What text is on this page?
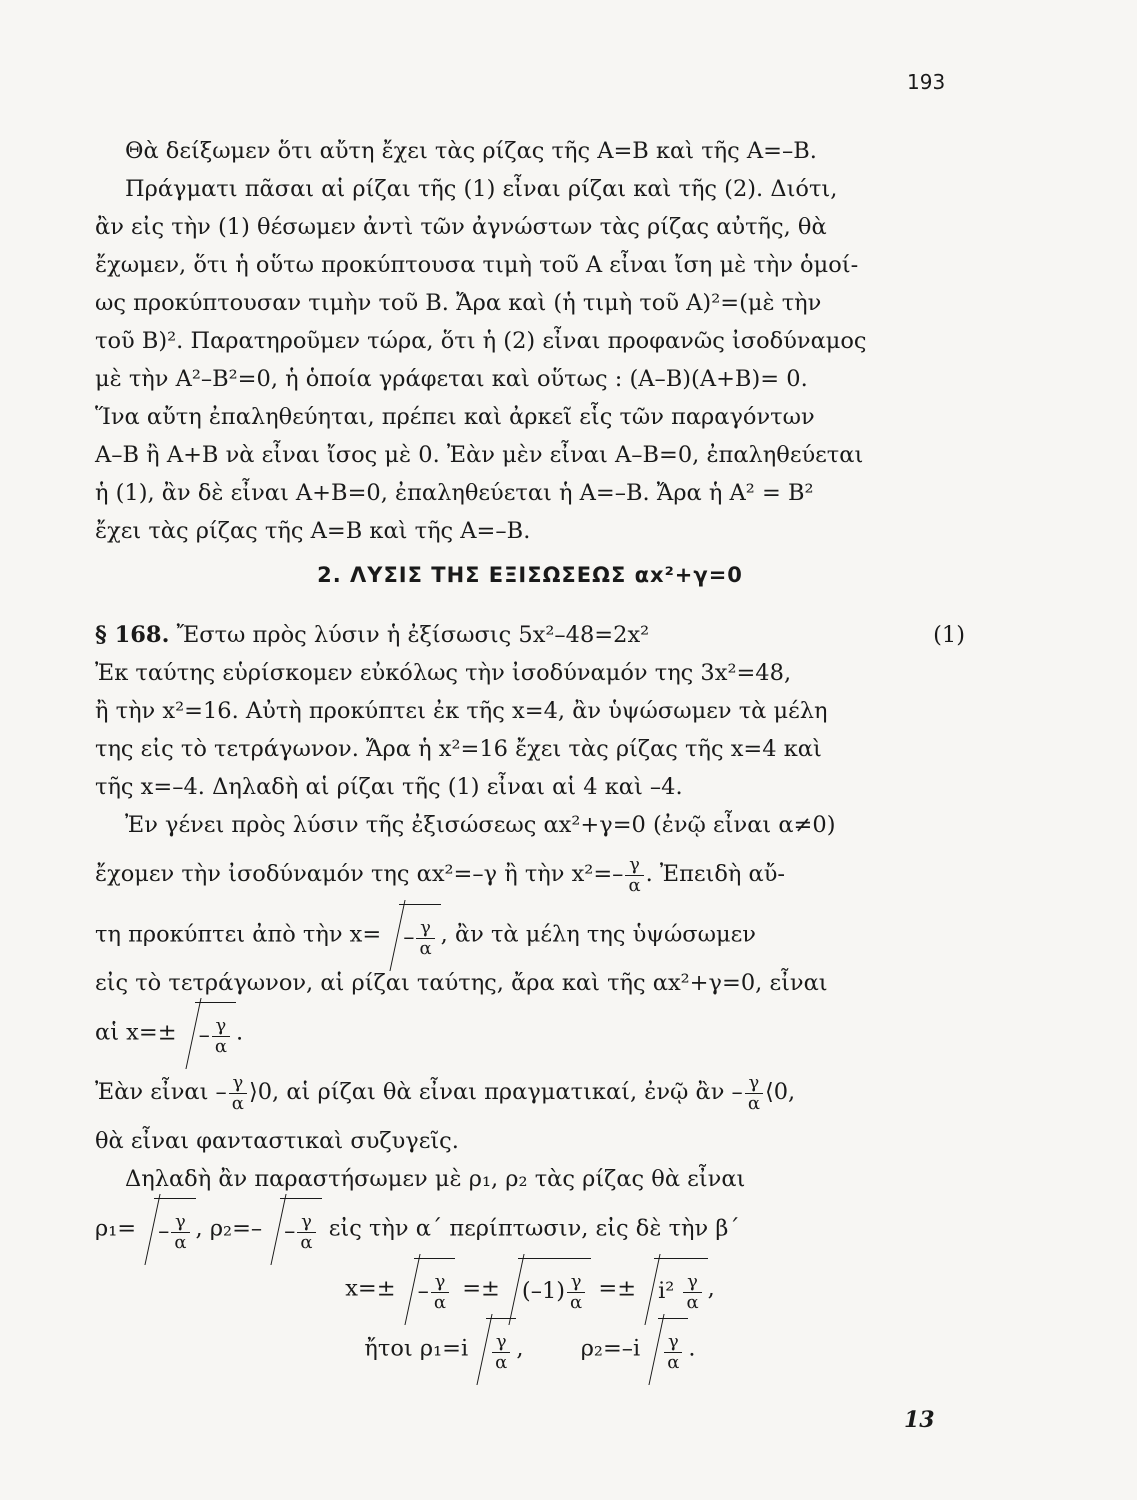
193
Θὰ δείξωμεν ὅτι αὔτη ἔχει τὰς ρίζας τῆς Α=Β καὶ τῆς Α=–Β.
Πράγματι πᾶσαι αἱ ρίζαι τῆς (1) εἶναι ρίζαι καὶ τῆς (2). Διότι,
ἂν εἰς τὴν (1) θέσωμεν ἀντὶ τῶν ἀγνώστων τὰς ρίζας αὐτῆς, θὰ
ἔχωμεν, ὅτι ἡ οὕτω προκύπτουσα τιμὴ τοῦ Α εἶναι ἴση μὲ τὴν ὁμοί-
ως προκύπτουσαν τιμὴν τοῦ Β. Ἄρα καὶ (ἡ τιμὴ τοῦ Α)²=(μὲ τὴν
τοῦ Β)². Παρατηροῦμεν τώρα, ὅτι ἡ (2) εἶναι προφανῶς ἰσοδύναμος
μὲ τὴν Α²–Β²=0, ἡ ὁποία γράφεται καὶ οὕτως : (Α–Β)(Α+Β)= 0.
Ἵνα αὔτη ἐπαληθεύηται, πρέπει καὶ ἀρκεῖ εἷς τῶν παραγόντων
Α–Β ἢ Α+Β νὰ εἶναι ἴσος μὲ 0. Ἐὰν μὲν εἶναι Α–Β=0, ἐπαληθεύεται
ἡ (1), ἂν δὲ εἶναι Α+Β=0, ἐπαληθεύεται ἡ Α=–Β. Ἄρα ἡ Α² = Β²
ἔχει τὰς ρίζας τῆς Α=Β καὶ τῆς Α=–Β.
2. ΛΥΣΙΣ ΤΗΣ ΕΞΙΣΩΣΕΩΣ αx²+γ=0
§ 168. Ἔστω πρὸς λύσιν ἡ ἐξίσωσις 5x²–48=2x²	(1)
Ἐκ ταύτης εὑρίσκομεν εὐκόλως τὴν ἰσοδύναμόν της 3x²=48,
ἢ τὴν x²=16. Αὐτὴ προκύπτει ἐκ τῆς x=4, ἂν ὑψώσωμεν τὰ μέλη
της εἰς τὸ τετράγωνον. Ἄρα ἡ x²=16 ἔχει τὰς ρίζας τῆς x=4 καὶ
τῆς x=–4. Δηλαδὴ αἱ ρίζαι τῆς (1) εἶναι αἱ 4 καὶ –4.
Ἐν γένει πρὸς λύσιν τῆς ἐξισώσεως αx²+γ=0 (ἐνῷ εἶναι α≠0)
ἔχομεν τὴν ἰσοδύναμόν της αx²=–γ ἢ τὴν $x^2=- \frac{\gamma}{\alpha}$ . Ἐπειδὴ αὔ-
τη προκύπτει ἀπὸ τὴν $x= - \frac{\gamma}{\alpha}$ , ἂν τὰ μέλη της ὑψώσωμεν
εἰς τὸ τετράγωνον, αἱ ρίζαι ταύτης, ἄρα καὶ τῆς αx²+γ=0, εἶναι
αἱ $x=\pm - \frac{\gamma}{\alpha}$ .
Ἐὰν εἶναι – $\frac{\gamma}{\alpha}$ ⟩0, αἱ ρίζαι θὰ εἶναι πραγματικαί, ἐνῷ ἂν – $\frac{\gamma}{\alpha}$ ⟨0,
θὰ εἶναι φανταστικαὶ συζυγεῖς.
Δηλαδὴ ἂν παραστήσωμεν μὲ ρ₁, ρ₂ τὰς ρίζας θὰ εἶναι
$\rho_1= - \frac{\gamma}{\alpha}$ , $\rho_2=- - \frac{\gamma}{\alpha}$ εἰς τὴν α΄ περίπτωσιν, εἰς δὲ τὴν β΄
$x=\pm - \frac{\gamma}{\alpha} =\pm (-1) \frac{\gamma}{\alpha} =\pm i^2 \frac{\gamma}{\alpha}$ ,
ἤτοι $\rho_1=i \frac{\gamma}{\alpha}$ ,	$\rho_2=-i \frac{\gamma}{\alpha}$ .
13
